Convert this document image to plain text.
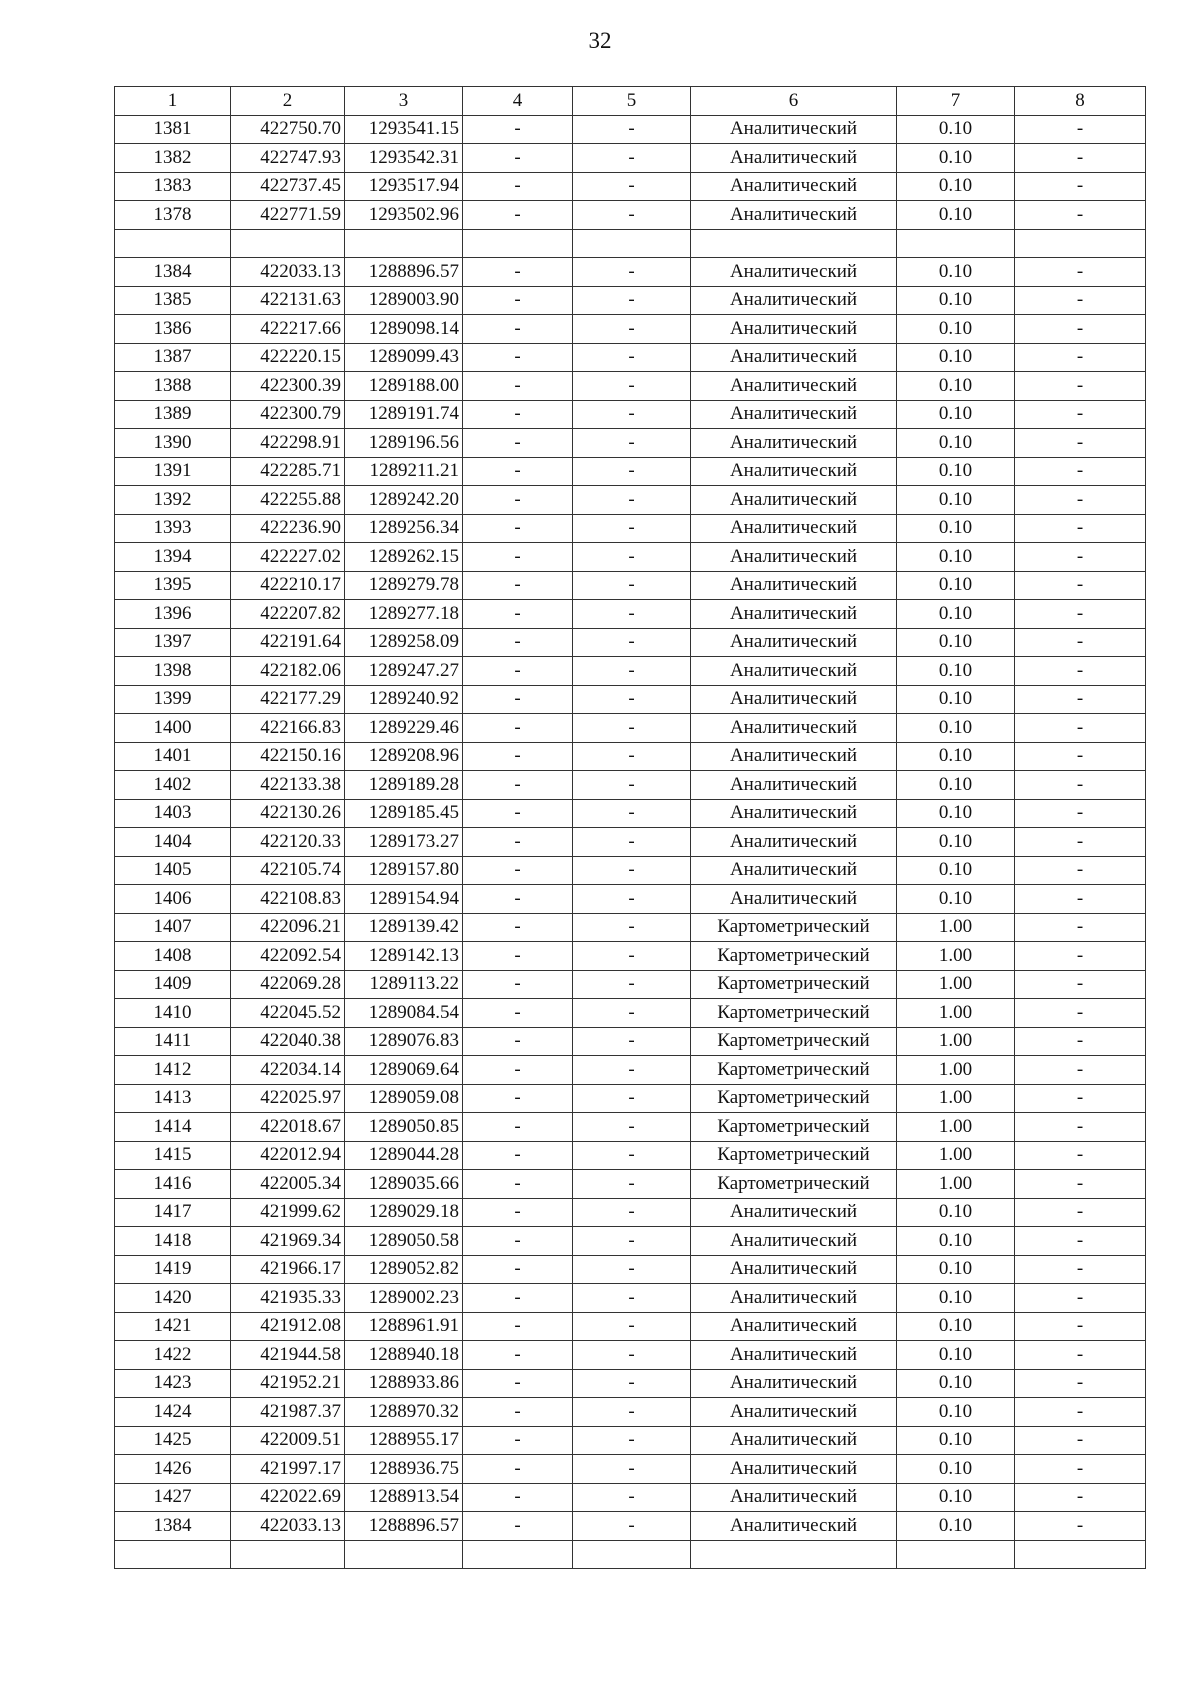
32
1	2	3	4	5	6	7	8
1381	422750.70	1293541.15	-	-	Аналитический	0.10	-
1382	422747.93	1293542.31	-	-	Аналитический	0.10	-
1383	422737.45	1293517.94	-	-	Аналитический	0.10	-
1378	422771.59	1293502.96	-	-	Аналитический	0.10	-

1384	422033.13	1288896.57	-	-	Аналитический	0.10	-
1385	422131.63	1289003.90	-	-	Аналитический	0.10	-
1386	422217.66	1289098.14	-	-	Аналитический	0.10	-
1387	422220.15	1289099.43	-	-	Аналитический	0.10	-
1388	422300.39	1289188.00	-	-	Аналитический	0.10	-
1389	422300.79	1289191.74	-	-	Аналитический	0.10	-
1390	422298.91	1289196.56	-	-	Аналитический	0.10	-
1391	422285.71	1289211.21	-	-	Аналитический	0.10	-
1392	422255.88	1289242.20	-	-	Аналитический	0.10	-
1393	422236.90	1289256.34	-	-	Аналитический	0.10	-
1394	422227.02	1289262.15	-	-	Аналитический	0.10	-
1395	422210.17	1289279.78	-	-	Аналитический	0.10	-
1396	422207.82	1289277.18	-	-	Аналитический	0.10	-
1397	422191.64	1289258.09	-	-	Аналитический	0.10	-
1398	422182.06	1289247.27	-	-	Аналитический	0.10	-
1399	422177.29	1289240.92	-	-	Аналитический	0.10	-
1400	422166.83	1289229.46	-	-	Аналитический	0.10	-
1401	422150.16	1289208.96	-	-	Аналитический	0.10	-
1402	422133.38	1289189.28	-	-	Аналитический	0.10	-
1403	422130.26	1289185.45	-	-	Аналитический	0.10	-
1404	422120.33	1289173.27	-	-	Аналитический	0.10	-
1405	422105.74	1289157.80	-	-	Аналитический	0.10	-
1406	422108.83	1289154.94	-	-	Аналитический	0.10	-
1407	422096.21	1289139.42	-	-	Картометрический	1.00	-
1408	422092.54	1289142.13	-	-	Картометрический	1.00	-
1409	422069.28	1289113.22	-	-	Картометрический	1.00	-
1410	422045.52	1289084.54	-	-	Картометрический	1.00	-
1411	422040.38	1289076.83	-	-	Картометрический	1.00	-
1412	422034.14	1289069.64	-	-	Картометрический	1.00	-
1413	422025.97	1289059.08	-	-	Картометрический	1.00	-
1414	422018.67	1289050.85	-	-	Картометрический	1.00	-
1415	422012.94	1289044.28	-	-	Картометрический	1.00	-
1416	422005.34	1289035.66	-	-	Картометрический	1.00	-
1417	421999.62	1289029.18	-	-	Аналитический	0.10	-
1418	421969.34	1289050.58	-	-	Аналитический	0.10	-
1419	421966.17	1289052.82	-	-	Аналитический	0.10	-
1420	421935.33	1289002.23	-	-	Аналитический	0.10	-
1421	421912.08	1288961.91	-	-	Аналитический	0.10	-
1422	421944.58	1288940.18	-	-	Аналитический	0.10	-
1423	421952.21	1288933.86	-	-	Аналитический	0.10	-
1424	421987.37	1288970.32	-	-	Аналитический	0.10	-
1425	422009.51	1288955.17	-	-	Аналитический	0.10	-
1426	421997.17	1288936.75	-	-	Аналитический	0.10	-
1427	422022.69	1288913.54	-	-	Аналитический	0.10	-
1384	422033.13	1288896.57	-	-	Аналитический	0.10	-
